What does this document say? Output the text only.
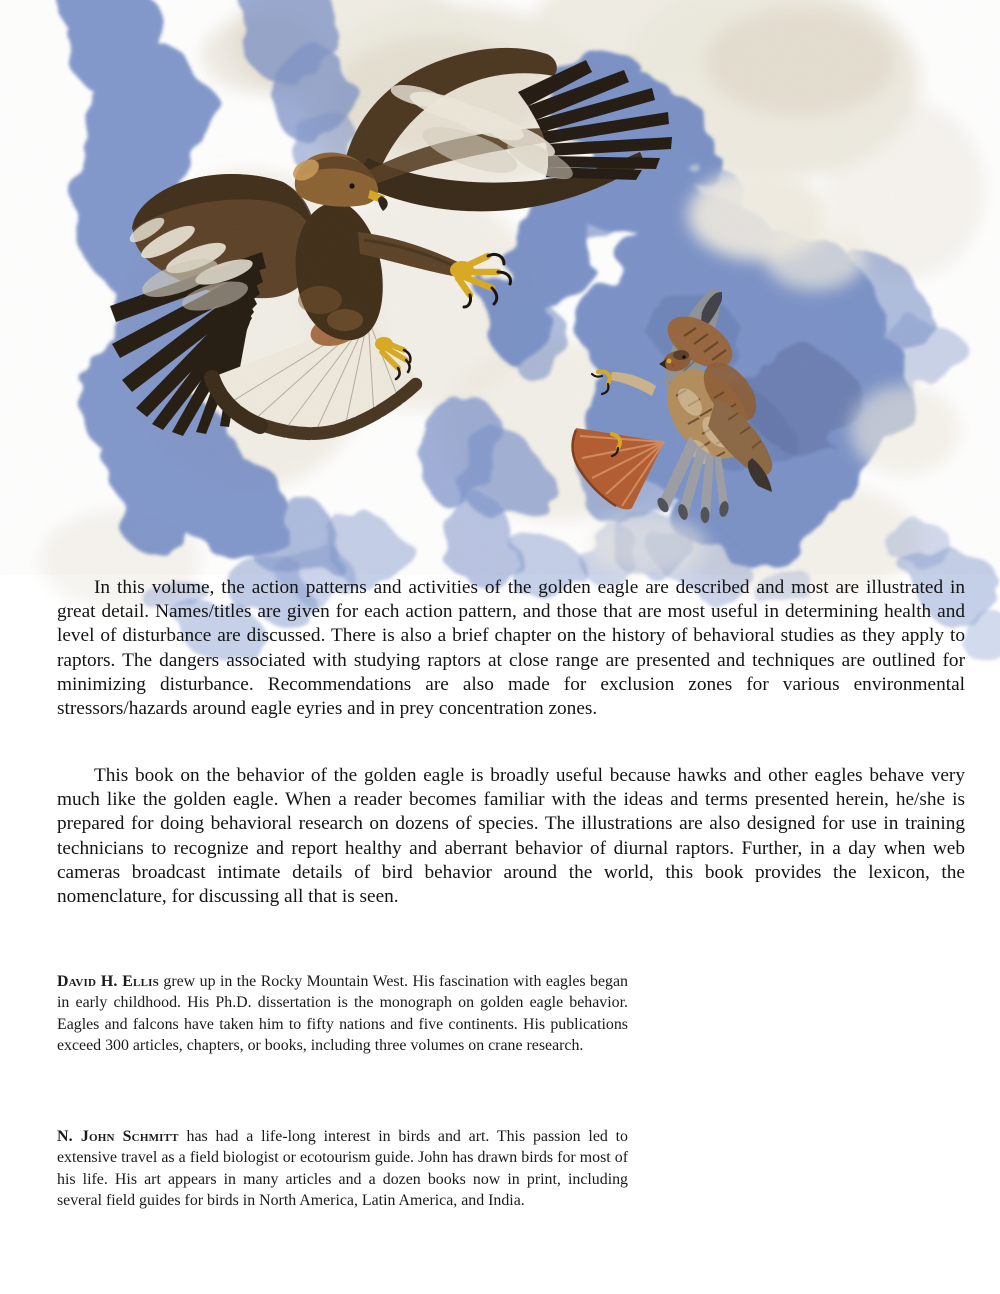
In this volume, the action patterns and activities of the golden eagle are described and most are illustrated in great detail. Names/titles are given for each action pattern, and those that are most useful in determining health and level of disturbance are discussed. There is also a brief chapter on the history of behavioral studies as they apply to raptors. The dangers associated with studying raptors at close range are presented and techniques are outlined for minimizing disturbance. Recommendations are also made for exclusion zones for various environmental stressors/hazards around eagle eyries and in prey concentration zones.

This book on the behavior of the golden eagle is broadly useful because hawks and other eagles behave very much like the golden eagle. When a reader becomes familiar with the ideas and terms presented herein, he/she is prepared for doing behavioral research on dozens of species. The illustrations are also designed for use in training technicians to recognize and report healthy and aberrant behavior of diurnal raptors. Further, in a day when web cameras broadcast intimate details of bird behavior around the world, this book provides the lexicon, the nomenclature, for discussing all that is seen.

David H. Ellis grew up in the Rocky Mountain West. His fascination with eagles began in early childhood. His Ph.D. dissertation is the monograph on golden eagle behavior. Eagles and falcons have taken him to fifty nations and five continents. His publications exceed 300 articles, chapters, or books, including three volumes on crane research.

N. John Schmitt has had a life-long interest in birds and art. This passion led to extensive travel as a field biologist or ecotourism guide. John has drawn birds for most of his life. His art appears in many articles and a dozen books now in print, including several field guides for birds in North America, Latin America, and India.
